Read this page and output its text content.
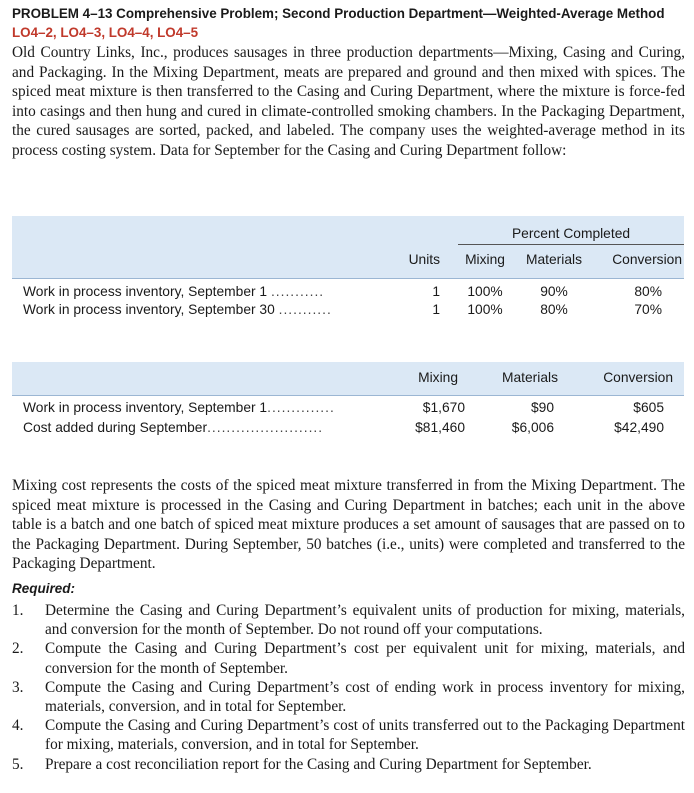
PROBLEM 4–13 Comprehensive Problem; Second Production Department—Weighted-Average Method
LO4–2, LO4–3, LO4–4, LO4–5

Old Country Links, Inc., produces sausages in three production departments—Mixing, Casing and Curing, and Packaging. In the Mixing Department, meats are prepared and ground and then mixed with spices. The spiced meat mixture is then transferred to the Casing and Curing Department, where the mixture is force-fed into casings and then hung and cured in climate-controlled smoking chambers. In the Packaging Department, the cured sausages are sorted, packed, and labeled. The company uses the weighted-average method in its process costing system. Data for September for the Casing and Curing Department follow:

Percent Completed
Units	Mixing	Materials	Conversion
Work in process inventory, September 1 ...........	1	100%	90%	80%
Work in process inventory, September 30 ...........	1	100%	80%	70%
Mixing	Materials	Conversion
Work in process inventory, September 1..............	$1,670	$90	$605
Cost added during September........................	$81,460	$6,006	$42,490

Mixing cost represents the costs of the spiced meat mixture transferred in from the Mixing Department. The spiced meat mixture is processed in the Casing and Curing Department in batches; each unit in the above table is a batch and one batch of spiced meat mixture produces a set amount of sausages that are passed on to the Packaging Department. During September, 50 batches (i.e., units) were completed and transferred to the Packaging Department.

Required:
1.	Determine the Casing and Curing Department’s equivalent units of production for mixing, materials, and conversion for the month of September. Do not round off your computations.
2.	Compute the Casing and Curing Department’s cost per equivalent unit for mixing, materials, and conversion for the month of September.
3.	Compute the Casing and Curing Department’s cost of ending work in process inventory for mixing, materials, conversion, and in total for September.
4.	Compute the Casing and Curing Department’s cost of units transferred out to the Packaging Department for mixing, materials, conversion, and in total for September.
5.	Prepare a cost reconciliation report for the Casing and Curing Department for September.
